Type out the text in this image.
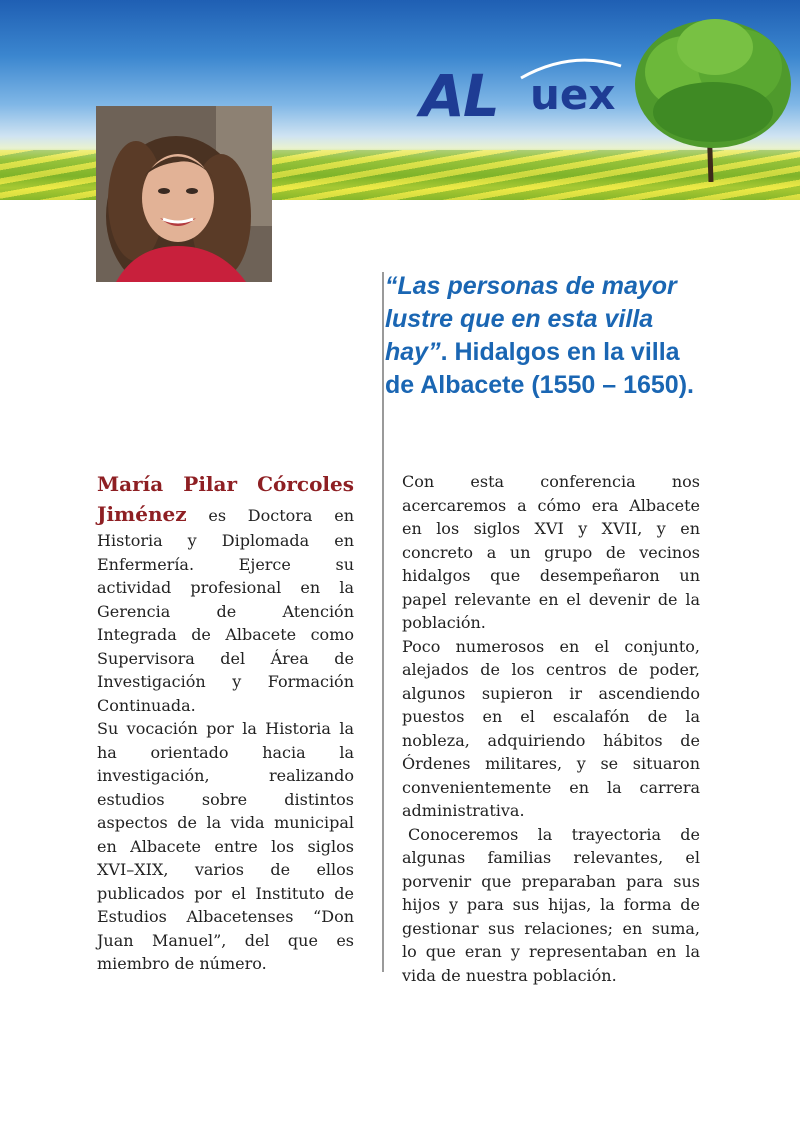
AL uex
“Las personas de mayor lustre que en esta villa hay”. Hidalgos en la villa de Albacete (1550 – 1650).

María Pilar Córcoles Jiménez es Doctora en Historia y Diplomada en Enfermería. Ejerce su actividad profesional en la Gerencia de Atención Integrada de Albacete como Supervisora del Área de Investigación y Formación Continuada.

Su vocación por la Historia la ha orientado hacia la investigación, realizando estudios sobre distintos aspectos de la vida municipal en Albacete entre los siglos XVI–XIX, varios de ellos publicados por el Instituto de Estudios Albacetenses “Don Juan Manuel”, del que es miembro de número.

Con esta conferencia nos acercaremos a cómo era Albacete en los siglos XVI y XVII, y en concreto a un grupo de vecinos hidalgos que desempeñaron un papel relevante en el devenir de la población.

Poco numerosos en el conjunto, alejados de los centros de poder, algunos supieron ir ascendiendo puestos en el escalafón de la nobleza, adquiriendo hábitos de Órdenes militares, y se situaron convenientemente en la carrera administrativa.

Conoceremos la trayectoria de algunas familias relevantes, el porvenir que preparaban para sus hijos y para sus hijas, la forma de gestionar sus relaciones; en suma, lo que eran y representaban en la vida de nuestra población.
